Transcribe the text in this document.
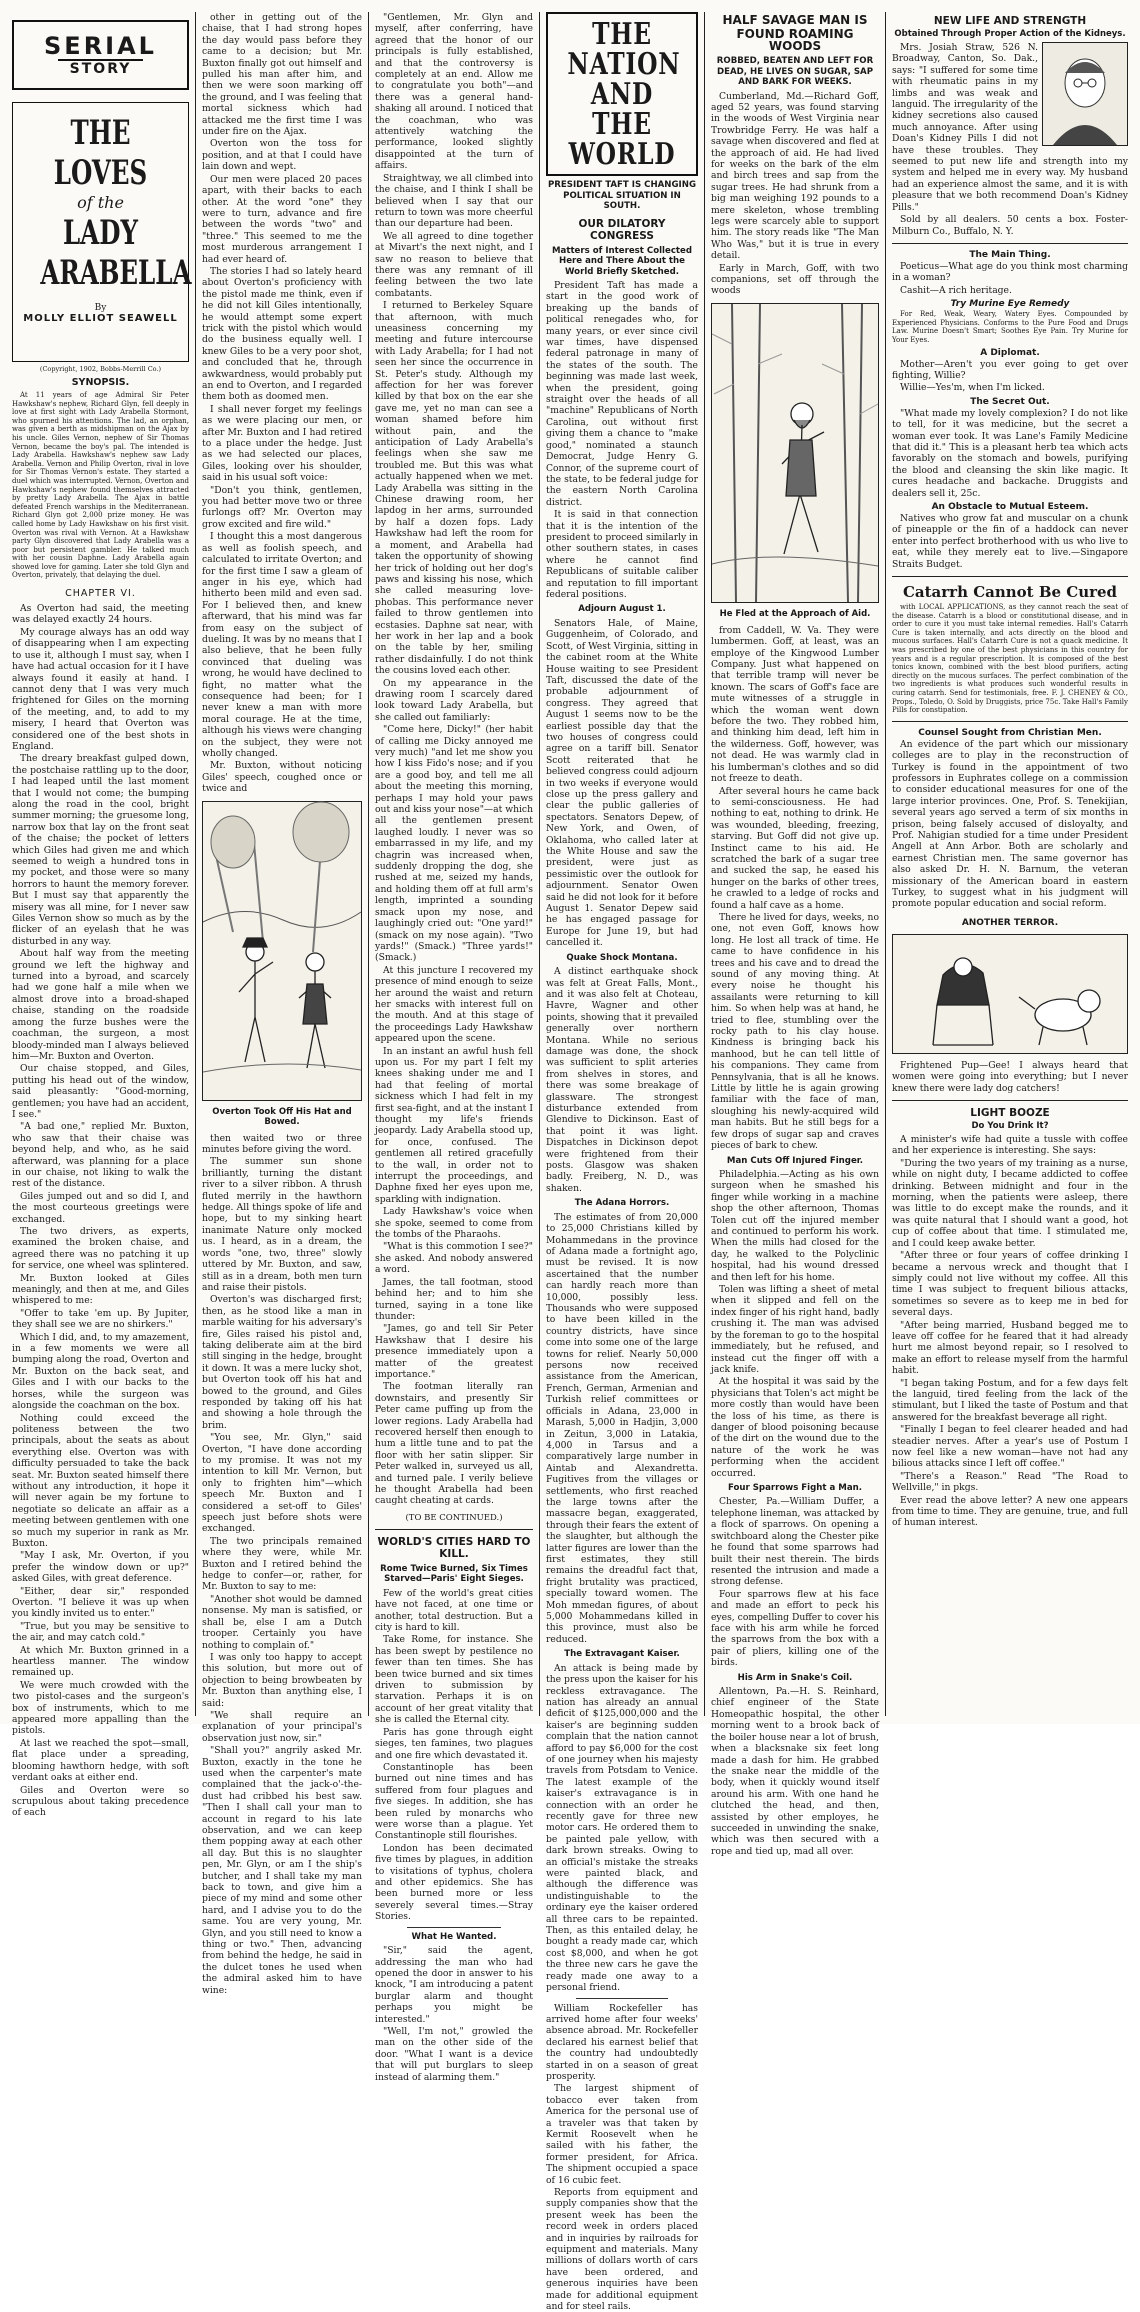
SERIAL
STORY
THE LOVES
of the
LADY
ARABELLA
By
MOLLY ELLIOT SEAWELL
(Copyright, 1902, Bobbs-Merrill Co.)
SYNOPSIS.

At 11 years of age Admiral Sir Peter Hawkshaw's nephew, Richard Glyn, fell deeply in love at first sight with Lady Arabella Stormont, who spurned his attentions. The lad, an orphan, was given a berth as midshipman on the Ajax by his uncle. Giles Vernon, nephew of Sir Thomas Vernon, became the boy's pal. The intended is Lady Arabella. Hawkshaw's nephew saw Lady Arabella. Vernon and Philip Overton, rival in love for Sir Thomas Vernon's estate. They started a duel which was interrupted. Vernon, Overton and Hawkshaw's nephew found themselves attracted by pretty Lady Arabella. The Ajax in battle defeated French warships in the Mediterranean. Richard Glyn got 2,000 prize money. He was called home by Lady Hawkshaw on his first visit. Overton was rival with Vernon. At a Hawkshaw party Glyn discovered that Lady Arabella was a poor but persistent gambler. He talked much with her cousin Daphne. Lady Arabella again showed love for gaming. Later she told Glyn and Overton, privately, that delaying the duel.

CHAPTER VI.

As Overton had said, the meeting was delayed exactly 24 hours.

My courage always has an odd way of disappearing when I am expecting to use it, although I must say, when I have had actual occasion for it I have always found it easily at hand. I cannot deny that I was very much frightened for Giles on the morning of the meeting, and, to add to my misery, I heard that Overton was considered one of the best shots in England.

The dreary breakfast gulped down, the postchaise rattling up to the door, I had leaped until the last moment that I would not come; the bumping along the road in the cool, bright summer morning; the gruesome long, narrow box that lay on the front seat of the chaise; the pocket of letters which Giles had given me and which seemed to weigh a hundred tons in my pocket, and those were so many horrors to haunt the memory forever. But I must say that apparently the misery was all mine, for I never saw Giles Vernon show so much as by the flicker of an eyelash that he was disturbed in any way.

About half way from the meeting ground we left the highway and turned into a byroad, and scarcely had we gone half a mile when we almost drove into a broad-shaped chaise, standing on the roadside among the furze bushes were the coachman, the surgeon, a most bloody-minded man I always believed him—Mr. Buxton and Overton.

Our chaise stopped, and Giles, putting his head out of the window, said pleasantly: "Good-morning, gentlemen; you have had an accident, I see."

"A bad one," replied Mr. Buxton, who saw that their chaise was beyond help, and who, as he said afterward, was planning for a place in our chaise, not liking to walk the rest of the distance.

Giles jumped out and so did I, and the most courteous greetings were exchanged.

The two drivers, as experts, examined the broken chaise, and agreed there was no patching it up for service, one wheel was splintered.

Mr. Buxton looked at Giles meaningly, and then at me, and Giles whispered to me:

"Offer to take 'em up. By Jupiter, they shall see we are no shirkers."

Which I did, and, to my amazement, in a few moments we were all bumping along the road, Overton and Mr. Buxton on the back seat, and Giles and I with our backs to the horses, while the surgeon was alongside the coachman on the box.

Nothing could exceed the politeness between the two principals, about the seats as about everything else. Overton was with difficulty persuaded to take the back seat. Mr. Buxton seated himself there without any introduction, it hope it will never again be my fortune to negotiate so delicate an affair as a meeting between gentlemen with one so much my superior in rank as Mr. Buxton.

"May I ask, Mr. Overton, if you prefer the window down or up?" asked Giles, with great deference.

"Either, dear sir," responded Overton. "I believe it was up when you kindly invited us to enter."

"True, but you may be sensitive to the air, and may catch cold."

At which Mr. Buxton grinned in a heartless manner. The window remained up.

We were much crowded with the two pistol-cases and the surgeon's box of instruments, which to me appeared more appalling than the pistols.

At last we reached the spot—small, flat place under a spreading, blooming hawthorn hedge, with soft verdant oaks at either end.

Giles and Overton were so scrupulous about taking precedence of each

other in getting out of the chaise, that I had strong hopes the day would pass before they came to a decision; but Mr. Buxton finally got out himself and pulled his man after him, and then we were soon marking off the ground, and I was feeling that mortal sickness which had attacked me the first time I was under fire on the Ajax.

Overton won the toss for position, and at that I could have lain down and wept.

Our men were placed 20 paces apart, with their backs to each other. At the word "one" they were to turn, advance and fire between the words "two" and "three." This seemed to me the most murderous arrangement I had ever heard of.

The stories I had so lately heard about Overton's proficiency with the pistol made me think, even if he did not kill Giles intentionally, he would attempt some expert trick with the pistol which would do the business equally well. I knew Giles to be a very poor shot, and concluded that he, through awkwardness, would probably put an end to Overton, and I regarded them both as doomed men.

I shall never forget my feelings as we were placing our men, or after Mr. Buxton and I had retired to a place under the hedge. Just as we had selected our places, Giles, looking over his shoulder, said in his usual soft voice:

"Don't you think, gentlemen, you had better move two or three furlongs off? Mr. Overton may grow excited and fire wild."

I thought this a most dangerous as well as foolish speech, and calculated to irritate Overton; and for the first time I saw a gleam of anger in his eye, which had hitherto been mild and even sad. For I believed then, and knew afterward, that his mind was far from easy on the subject of dueling. It was by no means that I also believe, that he been fully convinced that dueling was wrong, he would have declined to fight, no matter what the consequence had been; for I never knew a man with more moral courage. He at the time, although his views were changing on the subject, they were not wholly changed.

Mr. Buxton, without noticing Giles' speech, coughed once or twice and

Overton Took Off His Hat and Bowed.

then waited two or three minutes before giving the word.

The summer sun shone brilliantly, turning the distant river to a silver ribbon. A thrush fluted merrily in the hawthorn hedge. All things spoke of life and hope, but to my sinking heart inanimate Nature only mocked us. I heard, as in a dream, the words "one, two, three" slowly uttered by Mr. Buxton, and saw, still as in a dream, both men turn and raise their pistols.

Overton's was discharged first; then, as he stood like a man in marble waiting for his adversary's fire, Giles raised his pistol and, taking deliberate aim at the bird still singing in the hedge, brought it down. It was a mere lucky shot, but Overton took off his hat and bowed to the ground, and Giles responded by taking off his hat and showing a hole through the brim.

"You see, Mr. Glyn," said Overton, "I have done according to my promise. It was not my intention to kill Mr. Vernon, but only to frighten him"—which speech Mr. Buxton and I considered a set-off to Giles' speech just before shots were exchanged.

The two principals remained where they were, while Mr. Buxton and I retired behind the hedge to confer—or, rather, for Mr. Buxton to say to me:

"Another shot would be damned nonsense. My man is satisfied, or shall be, else I am a Dutch trooper. Certainly you have nothing to complain of."

I was only too happy to accept this solution, but more out of objection to being browbeaten by Mr. Buxton than anything else, I said:

"We shall require an explanation of your principal's observation just now, sir."

"Shall you?" angrily asked Mr. Buxton, exactly in the tone he used when the carpenter's mate complained that the jack-o'-the-dust had cribbed his best saw. "Then I shall call your man to account in regard to his late observation, and we can keep them popping away at each other all day. But this is no slaughter pen, Mr. Glyn, or am I the ship's butcher, and I shall take my man back to town, and give him a piece of my mind and some other hard, and I advise you to do the same. You are very young, Mr. Glyn, and you still need to know a thing or two." Then, advancing from behind the hedge, he said in the dulcet tones he used when the admiral asked him to have wine:

"Gentlemen, Mr. Glyn and myself, after conferring, have agreed that the honor of our principals is fully established, and that the controversy is completely at an end. Allow me to congratulate you both"—and there was a general hand-shaking all around. I noticed that the coachman, who was attentively watching the performance, looked slightly disappointed at the turn of affairs.

Straightway, we all climbed into the chaise, and I think I shall be believed when I say that our return to town was more cheerful than our departure had been.

We all agreed to dine together at Mivart's the next night, and I saw no reason to believe that there was any remnant of ill feeling between the two late combatants.

I returned to Berkeley Square that afternoon, with much uneasiness concerning my meeting and future intercourse with Lady Arabella; for I had not seen her since the occurrence in St. Peter's study. Although my affection for her was forever killed by that box on the ear she gave me, yet no man can see a woman shamed before him without pain, and the anticipation of Lady Arabella's feelings when she saw me troubled me. But this was what actually happened when we met. Lady Arabella was sitting in the Chinese drawing room, her lapdog in her arms, surrounded by half a dozen fops. Lady Hawkshaw had left the room for a moment, and Arabella had taken the opportunity of showing her trick of holding out her dog's paws and kissing his nose, which she called measuring love-phobas. This performance never failed to throw gentlemen into ecstasies. Daphne sat near, with her work in her lap and a book on the table by her, smiling rather disdainfully. I do not think the cousins loved each other.

On my appearance in the drawing room I scarcely dared look toward Lady Arabella, but she called out familiarly:

"Come here, Dicky!" (her habit of calling me Dicky annoyed me very much) "and let me show you how I kiss Fido's nose; and if you are a good boy, and tell me all about the meeting this morning, perhaps I may hold your paws out and kiss your nose"—at which all the gentlemen present laughed loudly. I never was so embarrassed in my life, and my chagrin was increased when, suddenly dropping the dog, she rushed at me, seized my hands, and holding them off at full arm's length, imprinted a sounding smack upon my nose, and laughingly cried out: "One yard!" (smack on my nose again). "Two yards!" (Smack.) "Three yards!" (Smack.)

At this juncture I recovered my presence of mind enough to seize her around the waist and return her smacks with interest full on the mouth. And at this stage of the proceedings Lady Hawkshaw appeared upon the scene.

In an instant an awful hush fell upon us. For my part I felt my knees shaking under me and I had that feeling of mortal sickness which I had felt in my first sea-fight, and at the instant I thought my life's friends jeopardy. Lady Arabella stood up, for once, confused. The gentlemen all retired gracefully to the wall, in order not to interrupt the proceedings, and Daphne fixed her eyes upon me, sparkling with indignation.

Lady Hawkshaw's voice when she spoke, seemed to come from the tombs of the Pharaohs.

"What is this commotion I see?" she asked. And nobody answered a word.

James, the tall footman, stood behind her; and to him she turned, saying in a tone like thunder:

"James, go and tell Sir Peter Hawkshaw that I desire his presence immediately upon a matter of the greatest importance."

The footman literally ran downstairs, and presently Sir Peter came puffing up from the lower regions. Lady Arabella had recovered herself then enough to hum a little tune and to pat the floor with her satin slipper. Sir Peter walked in, surveyed us all, and turned pale. I verily believe he thought Arabella had been caught cheating at cards.

(TO BE CONTINUED.)
WORLD'S CITIES HARD TO KILL.
Rome Twice Burned, Six Times Starved—Paris' Eight Sieges.

Few of the world's great cities have not faced, at one time or another, total destruction. But a city is hard to kill.

Take Rome, for instance. She has been swept by pestilence no fewer than ten times. She has been twice burned and six times driven to submission by starvation. Perhaps it is on account of her great vitality that she is called the Eternal city.

Paris has gone through eight sieges, ten famines, two plagues and one fire which devastated it.

Constantinople has been burned out nine times and has suffered from four plagues and five sieges. In addition, she has been ruled by monarchs who were worse than a plague. Yet Constantinople still flourishes.

London has been decimated five times by plagues, in addition to visitations of typhus, cholera and other epidemics. She has been burned more or less severely several times.—Stray Stories.

What He Wanted.

"Sir," said the agent, addressing the man who had opened the door in answer to his knock, "I am introducing a patent burglar alarm and thought perhaps you might be interested."

"Well, I'm not," growled the man on the other side of the door. "What I want is a device that will put burglars to sleep instead of alarming them."

THE NATION AND
THE WORLD
PRESIDENT TAFT IS CHANGING POLITICAL SITUATION IN SOUTH.
OUR DILATORY CONGRESS
Matters of Interest Collected Here and There About the World Briefly Sketched.

President Taft has made a start in the good work of breaking up the bands of political renegades who, for many years, or ever since civil war times, have dispensed federal patronage in many of the states of the south. The beginning was made last week, when the president, going straight over the heads of all "machine" Republicans of North Carolina, out without first giving them a chance to "make good," nominated a staunch Democrat, Judge Henry G. Connor, of the supreme court of the state, to be federal judge for the eastern North Carolina district.

It is said in that connection that it is the intention of the president to proceed similarly in other southern states, in cases where he cannot find Republicans of suitable caliber and reputation to fill important federal positions.

Adjourn August 1.

Senators Hale, of Maine, Guggenheim, of Colorado, and Scott, of West Virginia, sitting in the cabinet room at the White House waiting to see President Taft, discussed the date of the probable adjournment of congress. They agreed that August 1 seems now to be the earliest possible day that the two houses of congress could agree on a tariff bill. Senator Scott reiterated that he believed congress could adjourn in two weeks if everyone would close up the press gallery and clear the public galleries of spectators. Senators Depew, of New York, and Owen, of Oklahoma, who called later at the White House and saw the president, were just as pessimistic over the outlook for adjournment. Senator Owen said he did not look for it before August 1. Senator Depew said he has engaged passage for Europe for June 19, but had cancelled it.

Quake Shock Montana.

A distinct earthquake shock was felt at Great Falls, Mont., and it was also felt at Choteau, Havre, Wagner and other points, showing that it prevailed generally over northern Montana. While no serious damage was done, the shock was sufficient to split arteries from shelves in stores, and there was some breakage of glassware. The strongest disturbance extended from Glendive to Dickinson. East of that point it was light. Dispatches in Dickinson depot were frightened from their posts. Glasgow was shaken badly. Freiberg, N. D., was shaken.

The Adana Horrors.

The estimates of from 20,000 to 25,000 Christians killed by Mohammedans in the province of Adana made a fortnight ago, must be revised. It is now ascertained that the number can hardly reach more than 10,000, possibly less. Thousands who were supposed to have been killed in the country districts, have since come into some one of the large towns for relief. Nearly 50,000 persons now received assistance from the American, French, German, Armenian and Turkish relief committees or officials in Adana, 23,000 in Marash, 5,000 in Hadjin, 3,000 in Zeitun, 3,000 in Latakia, 4,000 in Tarsus and a comparatively large number in Aintab and Alexandretta. Fugitives from the villages or settlements, who first reached the large towns after the massacre began, exaggerated, through their fears the extent of the slaughter, but although the latter figures are lower than the first estimates, they still remains the dreadful fact that, fright brutality was practiced, specially toward women. The Moh mmedan figures, of about 5,000 Mohammedans killed in this province, must also be reduced.

The Extravagant Kaiser.

An attack is being made by the press upon the kaiser for his reckless extravagance. The nation has already an annual deficit of $125,000,000 and the kaiser's are beginning sudden complain that the nation cannot afford to pay $6,000 for the cost of one journey when his majesty travels from Potsdam to Venice. The latest example of the kaiser's extravagance is in connection with an order he recently gave for three new motor cars. He ordered them to be painted pale yellow, with dark brown streaks. Owing to an official's mistake the streaks were painted black, and although the difference was undistinguishable to the ordinary eye the kaiser ordered all three cars to be repainted. Then, as this entailed delay, he bought a ready made car, which cost $8,000, and when he got the three new cars he gave the ready made one away to a personal friend.

William Rockefeller has arrived home after four weeks' absence abroad. Mr. Rockefeller declared his earnest belief that the country had undoubtedly started in on a season of great prosperity.

The largest shipment of tobacco ever taken from America for the personal use of a traveler was that taken by Kermit Roosevelt when he sailed with his father, the former president, for Africa. The shipment occupied a space of 16 cubic feet.

Reports from equipment and supply companies show that the present week has been the record week in orders placed and in inquiries by railroads for equipment and materials. Many millions of dollars worth of cars have been ordered, and generous inquiries have been made for additional equipment and for steel rails.

HALF SAVAGE MAN IS
FOUND ROAMING WOODS
ROBBED, BEATEN AND LEFT FOR DEAD, HE LIVES ON SUGAR, SAP AND BARK FOR WEEKS.

Cumberland, Md.—Richard Goff, aged 52 years, was found starving in the woods of West Virginia near Trowbridge Ferry. He was half a savage when discovered and fled at the approach of aid. He had lived for weeks on the bark of the elm and birch trees and sap from the sugar trees. He had shrunk from a big man weighing 192 pounds to a mere skeleton, whose trembling legs were scarcely able to support him. The story reads like "The Man Who Was," but it is true in every detail.

Early in March, Goff, with two companions, set off through the woods

He Fled at the Approach of Aid.

from Caddell, W. Va. They were lumbermen. Goff, at least, was an employe of the Kingwood Lumber Company. Just what happened on that terrible tramp will never be known. The scars of Goff's face are mute witnesses of a struggle in which the woman went down before the two. They robbed him, and thinking him dead, left him in the wilderness. Goff, however, was not dead. He was warmly clad in his lumberman's clothes and so did not freeze to death.

After several hours he came back to semi-consciousness. He had nothing to eat, nothing to drink. He was wounded, bleeding, freezing, starving. But Goff did not give up. Instinct came to his aid. He scratched the bark of a sugar tree and sucked the sap, he eased his hunger on the barks of other trees, he crawled to a ledge of rocks and found a half cave as a home.

There he lived for days, weeks, no one, not even Goff, knows how long. He lost all track of time. He came to have confidence in his trees and his cave and to dread the sound of any moving thing. At every noise he thought his assailants were returning to kill him. So when help was at hand, he tried to flee, stumbling over the rocky path to his clay house. Kindness is bringing back his manhood, but he can tell little of his companions. They came from Pennsylvania, that is all he knows. Little by little he is again growing familiar with the face of man, sloughing his newly-acquired wild man habits. But he still begs for a few drops of sugar sap and craves pieces of bark to chew.

Man Cuts Off Injured Finger.

Philadelphia.—Acting as his own surgeon when he smashed his finger while working in a machine shop the other afternoon, Thomas Tolen cut off the injured member and continued to perform his work. When the mills had closed for the day, he walked to the Polyclinic hospital, had his wound dressed and then left for his home.

Tolen was lifting a sheet of metal when it slipped and fell on the index finger of his right hand, badly crushing it. The man was advised by the foreman to go to the hospital immediately, but he refused, and instead cut the finger off with a jack knife.

At the hospital it was said by the physicians that Tolen's act might be more costly than would have been the loss of his time, as there is danger of blood poisoning because of the dirt on the wound due to the nature of the work he was performing when the accident occurred.

Four Sparrows Fight a Man.

Chester, Pa.—William Duffer, a telephone lineman, was attacked by a flock of sparrows. On opening a switchboard along the Chester pike he found that some sparrows had built their nest therein. The birds resented the intrusion and made a strong defense.

Four sparrows flew at his face and made an effort to peck his eyes, compelling Duffer to cover his face with his arm while he forced the sparrows from the box with a pair of pliers, killing one of the birds.

His Arm in Snake's Coil.

Allentown, Pa.—H. S. Reinhard, chief engineer of the State Homeopathic hospital, the other morning went to a brook back of the boiler house near a lot of brush, when a blacksnake six feet long made a dash for him. He grabbed the snake near the middle of the body, when it quickly wound itself around his arm. With one hand he clutched the head, and then, assisted by other employes, he succeeded in unwinding the snake, which was then secured with a rope and tied up, mad all over.

NEW LIFE AND STRENGTH
Obtained Through Proper Action of the Kidneys.

Mrs. Josiah Straw, 526 N. Broadway, Canton, So. Dak., says: "I suffered for some time with rheumatic pains in my limbs and was weak and languid. The irregularity of the kidney secretions also caused much annoyance. After using Doan's Kidney Pills I did not have these troubles. They seemed to put new life and strength into my system and helped me in every way. My husband had an experience almost the same, and it is with pleasure that we both recommend Doan's Kidney Pills."

Sold by all dealers. 50 cents a box. Foster-Milburn Co., Buffalo, N. Y.

The Main Thing.

Poeticus—What age do you think most charming in a woman?

Cashit—A rich heritage.

Try Murine Eye Remedy

For Red, Weak, Weary, Watery Eyes. Compounded by Experienced Physicians. Conforms to the Pure Food and Drugs Law. Murine Doesn't Smart; Soothes Eye Pain. Try Murine for Your Eyes.

A Diplomat.

Mother—Aren't you ever going to get over fighting, Willie?

Willie—Yes'm, when I'm licked.

The Secret Out.

"What made my lovely complexion? I do not like to tell, for it was medicine, but the secret a woman ever took. It was Lane's Family Medicine that did it." This is a pleasant herb tea which acts favorably on the stomach and bowels, purifying the blood and cleansing the skin like magic. It cures headache and backache. Druggists and dealers sell it, 25c.

An Obstacle to Mutual Esteem.

Natives who grow fat and muscular on a chunk of pineapple or the fin of a haddock can never enter into perfect brotherhood with us who live to eat, while they merely eat to live.—Singapore Straits Budget.

Catarrh Cannot Be Cured

with LOCAL APPLICATIONS, as they cannot reach the seat of the disease. Catarrh is a blood or constitutional disease, and in order to cure it you must take internal remedies. Hall's Catarrh Cure is taken internally, and acts directly on the blood and mucous surfaces. Hall's Catarrh Cure is not a quack medicine. It was prescribed by one of the best physicians in this country for years and is a regular prescription. It is composed of the best tonics known, combined with the best blood purifiers, acting directly on the mucous surfaces. The perfect combination of the two ingredients is what produces such wonderful results in curing catarrh. Send for testimonials, free. F. J. CHENEY & CO., Props., Toledo, O. Sold by Druggists, price 75c. Take Hall's Family Pills for constipation.

Counsel Sought from Christian Men.

An evidence of the part which our missionary colleges are to play in the reconstruction of Turkey is found in the appointment of two professors in Euphrates college on a commission to consider educational measures for one of the large interior provinces. One, Prof. S. Tenekijian, several years ago served a term of six months in prison, being falsely accused of disloyalty, and Prof. Nahigian studied for a time under President Angell at Ann Arbor. Both are scholarly and earnest Christian men. The same governor has also asked Dr. H. N. Barnum, the veteran missionary of the American board in eastern Turkey, to suggest what in his judgment will promote popular education and social reform.

ANOTHER TERROR.

Frightened Pup—Gee! I always heard that women were going into everything; but I never knew there were lady dog catchers!

LIGHT BOOZE
Do You Drink It?

A minister's wife had quite a tussle with coffee and her experience is interesting. She says:

"During the two years of my training as a nurse, while on night duty, I became addicted to coffee drinking. Between midnight and four in the morning, when the patients were asleep, there was little to do except make the rounds, and it was quite natural that I should want a good, hot cup of coffee about that time. I stimulated me, and I could keep awake better.

"After three or four years of coffee drinking I became a nervous wreck and thought that I simply could not live without my coffee. All this time I was subject to frequent bilious attacks, sometimes so severe as to keep me in bed for several days.

"After being married, Husband begged me to leave off coffee for he feared that it had already hurt me almost beyond repair, so I resolved to make an effort to release myself from the harmful habit.

"I began taking Postum, and for a few days felt the languid, tired feeling from the lack of the stimulant, but I liked the taste of Postum and that answered for the breakfast beverage all right.

"Finally I began to feel clearer headed and had steadier nerves. After a year's use of Postum I now feel like a new woman—have not had any bilious attacks since I left off coffee."

"There's a Reason." Read "The Road to Wellville," in pkgs.

Ever read the above letter? A new one appears from time to time. They are genuine, true, and full of human interest.
